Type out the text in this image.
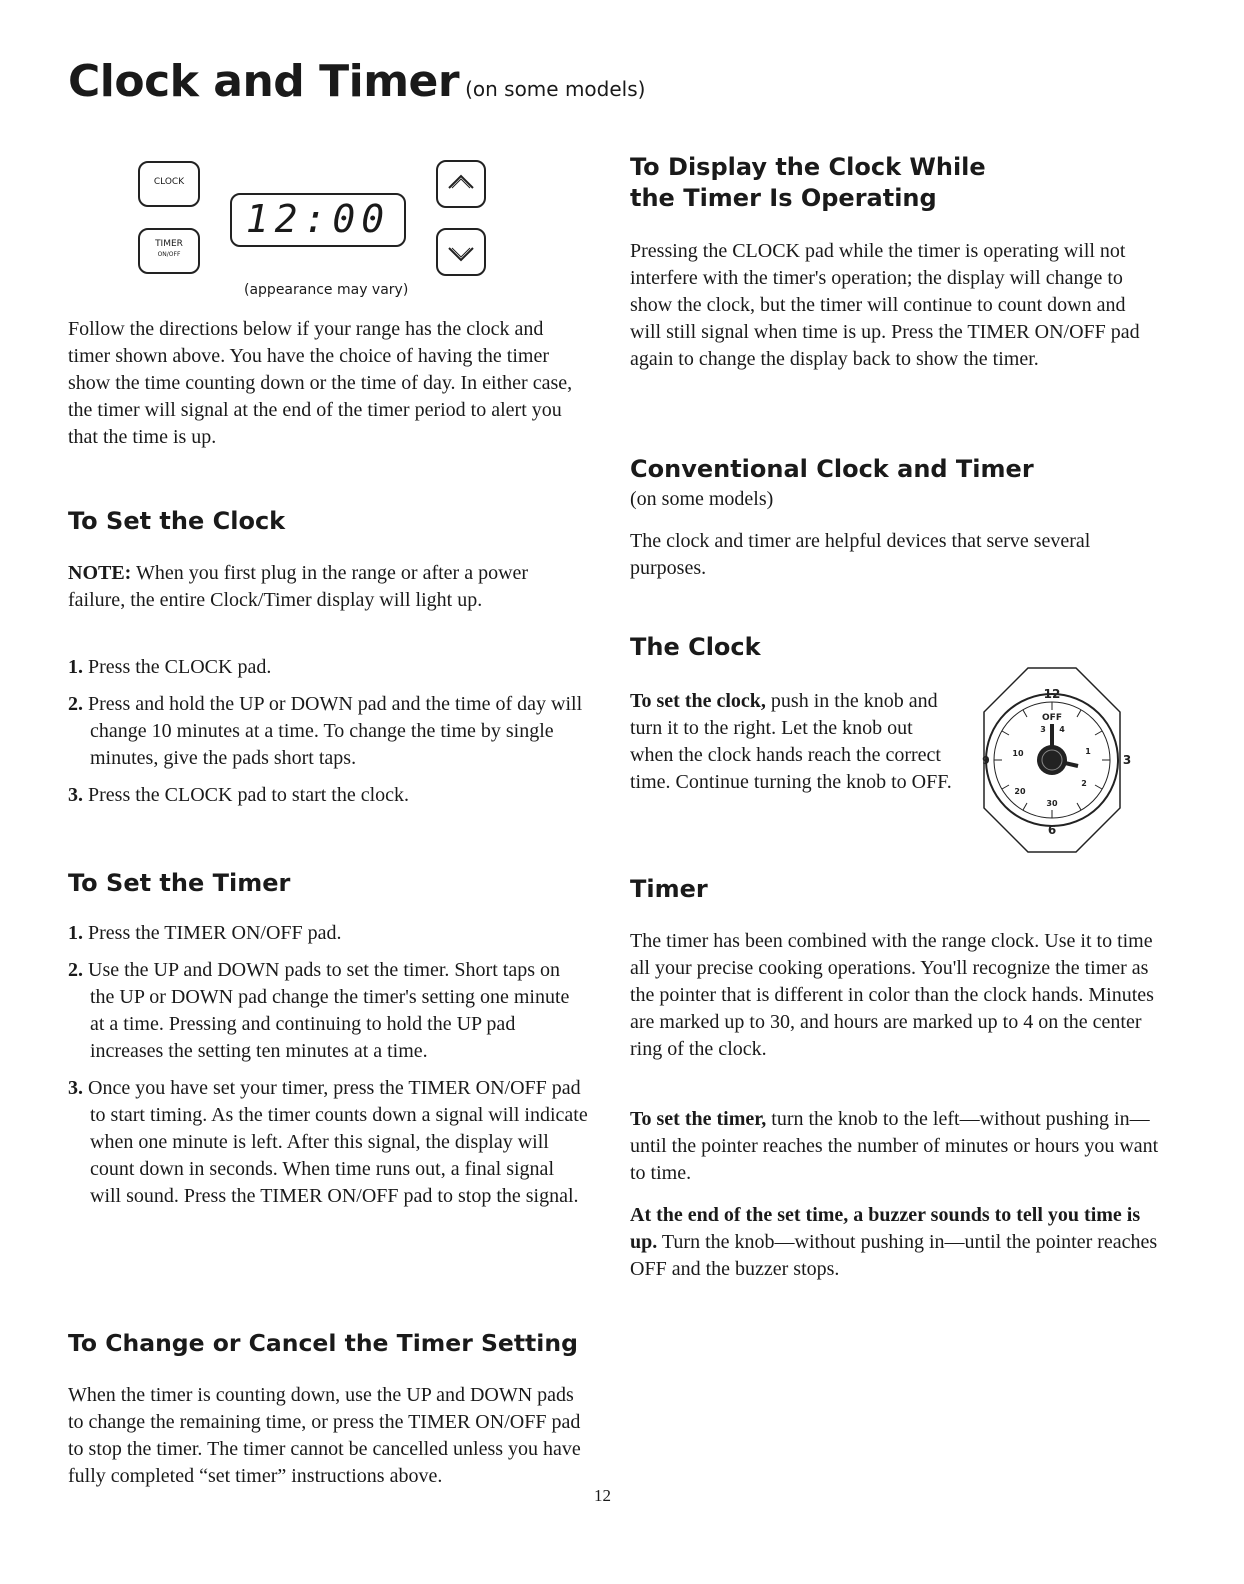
Clock and Timer (on some models)
CLOCK
TIMER
ON/OFF
12:00
(appearance may vary)

Follow the directions below if your range has the clock and timer shown above. You have the choice of having the timer show the time counting down or the time of day. In either case, the timer will signal at the end of the timer period to alert you that the time is up.

To Set the Clock

NOTE: When you first plug in the range or after a power failure, the entire Clock/Timer display will light up.

1. Press the CLOCK pad.
2. Press and hold the UP or DOWN pad and the time of day will change 10 minutes at a time. To change the time by single minutes, give the pads short taps.
3. Press the CLOCK pad to start the clock.
To Set the Timer
1. Press the TIMER ON/OFF pad.
2. Use the UP and DOWN pads to set the timer. Short taps on the UP or DOWN pad change the timer's setting one minute at a time. Pressing and continuing to hold the UP pad increases the setting ten minutes at a time.
3. Once you have set your timer, press the TIMER ON/OFF pad to start timing. As the timer counts down a signal will indicate when one minute is left. After this signal, the display will count down in seconds. When time runs out, a final signal will sound. Press the TIMER ON/OFF pad to stop the signal.
To Change or Cancel the Timer Setting

When the timer is counting down, use the UP and DOWN pads to change the remaining time, or press the TIMER ON/OFF pad to stop the timer. The timer cannot be cancelled unless you have fully completed “set timer” instructions above.

To Display the Clock While
the Timer Is Operating

Pressing the CLOCK pad while the timer is operating will not interfere with the timer's operation; the display will change to show the clock, but the timer will continue to count down and will still signal when time is up. Press the TIMER ON/OFF pad again to change the display back to show the timer.

Conventional Clock and Timer

(on some models)

The clock and timer are helpful devices that serve several purposes.

The Clock

To set the clock, push in the knob and turn it to the right. Let the knob out when the clock hands reach the correct time. Continue turning the knob to OFF.

12
3
6
9
OFF
3 4
1
2
10
20
30
Timer

The timer has been combined with the range clock. Use it to time all your precise cooking operations. You'll recognize the timer as the pointer that is different in color than the clock hands. Minutes are marked up to 30, and hours are marked up to 4 on the center ring of the clock.

To set the timer, turn the knob to the left—without pushing in—until the pointer reaches the number of minutes or hours you want to time.

At the end of the set time, a buzzer sounds to tell you time is up. Turn the knob—without pushing in—until the pointer reaches OFF and the buzzer stops.

12
